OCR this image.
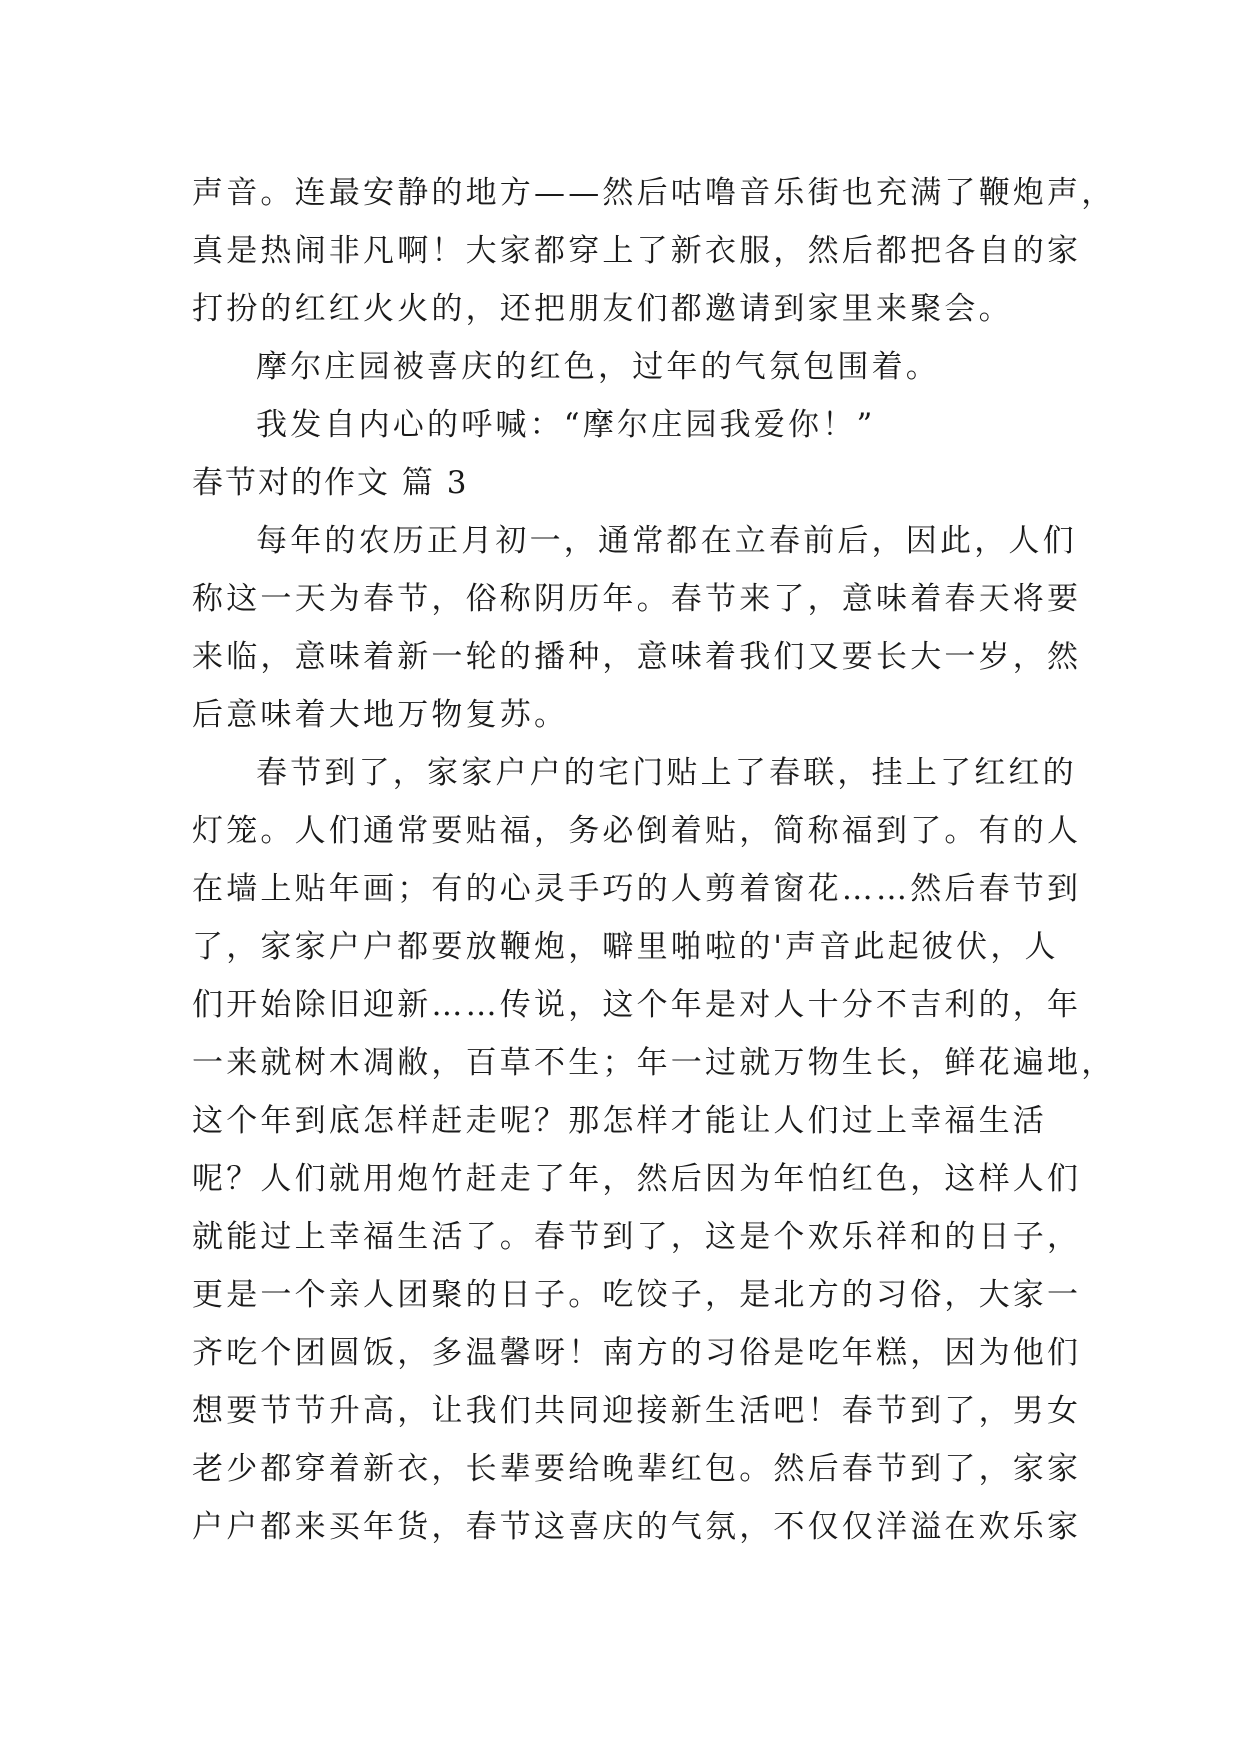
声音。连最安静的地方——然后咕噜音乐街也充满了鞭炮声，
真是热闹非凡啊！大家都穿上了新衣服，然后都把各自的家
打扮的红红火火的，还把朋友们都邀请到家里来聚会。
摩尔庄园被喜庆的红色，过年的气氛包围着。
我发自内心的呼喊：“摩尔庄园我爱你！”
春节对的作文 篇 3
每年的农历正月初一，通常都在立春前后，因此，人们
称这一天为春节，俗称阴历年。春节来了，意味着春天将要
来临，意味着新一轮的播种，意味着我们又要长大一岁，然
后意味着大地万物复苏。
春节到了，家家户户的宅门贴上了春联，挂上了红红的
灯笼。人们通常要贴福，务必倒着贴，简称福到了。有的人
在墙上贴年画；有的心灵手巧的人剪着窗花……然后春节到
了，家家户户都要放鞭炮，噼里啪啦的'声音此起彼伏，人
们开始除旧迎新……传说，这个年是对人十分不吉利的，年
一来就树木凋敝，百草不生；年一过就万物生长，鲜花遍地，
这个年到底怎样赶走呢？那怎样才能让人们过上幸福生活
呢？人们就用炮竹赶走了年，然后因为年怕红色，这样人们
就能过上幸福生活了。春节到了，这是个欢乐祥和的日子，
更是一个亲人团聚的日子。吃饺子，是北方的习俗，大家一
齐吃个团圆饭，多温馨呀！南方的习俗是吃年糕，因为他们
想要节节升高，让我们共同迎接新生活吧！春节到了，男女
老少都穿着新衣，长辈要给晚辈红包。然后春节到了，家家
户户都来买年货，春节这喜庆的气氛，不仅仅洋溢在欢乐家
